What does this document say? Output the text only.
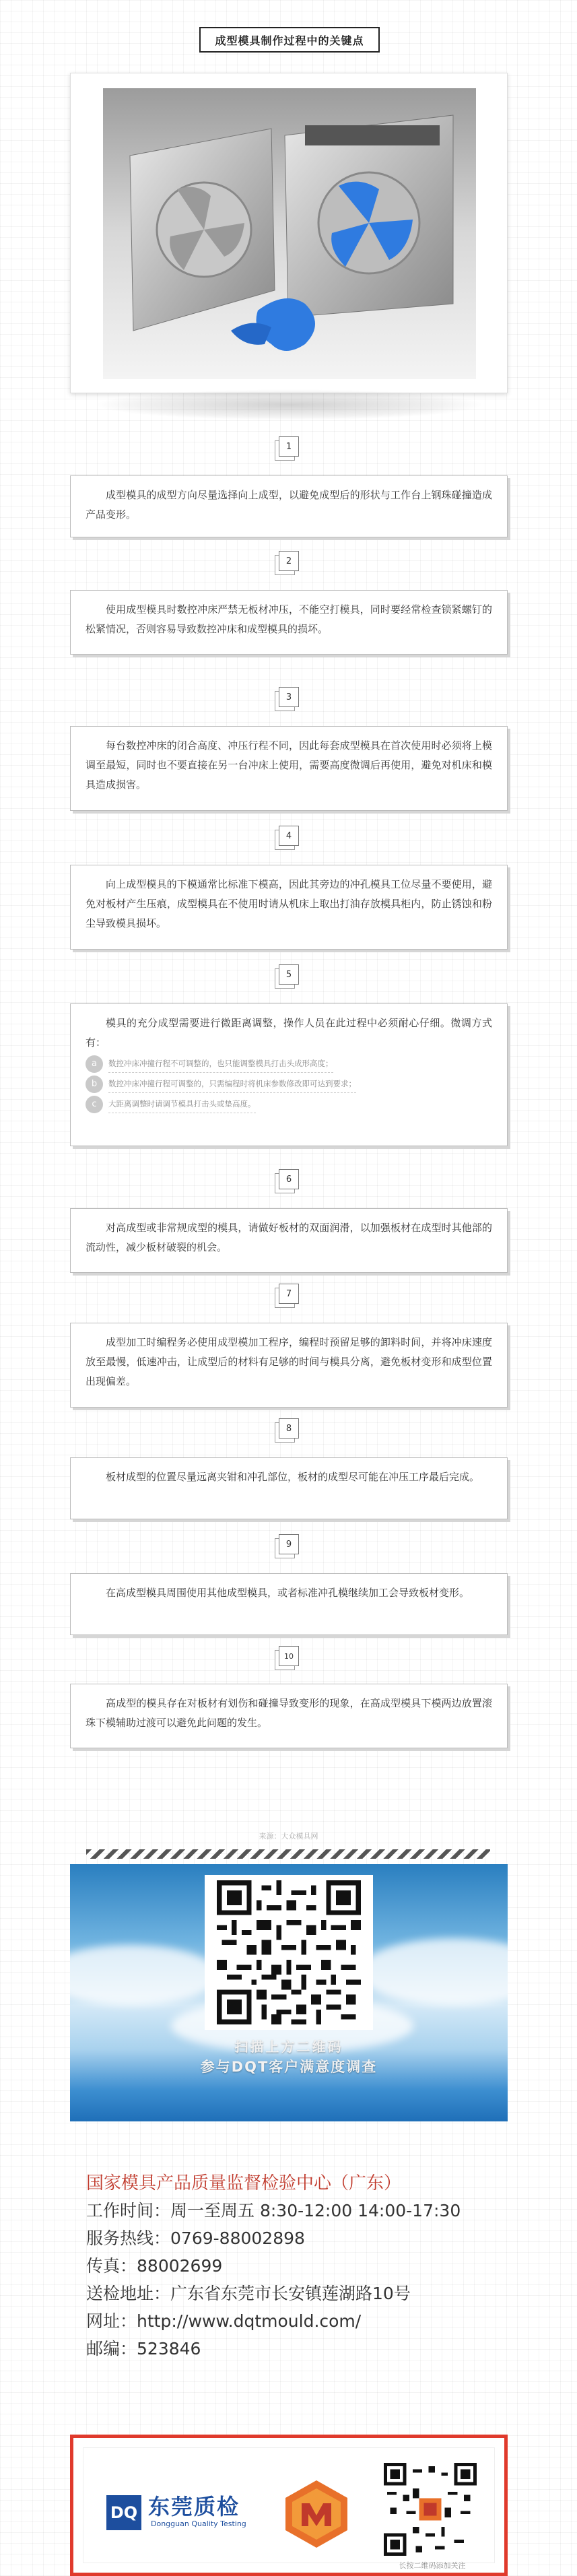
成型模具制作过程中的关键点
1

成型模具的成型方向尽量选择向上成型，以避免成型后的形状与工作台上钢珠碰撞造成产品变形。

2

使用成型模具时数控冲床严禁无板材冲压，不能空打模具，同时要经常检查锁紧螺钉的松紧情况，否则容易导致数控冲床和成型模具的损坏。

3

每台数控冲床的闭合高度、冲压行程不同，因此每套成型模具在首次使用时必须将上模调至最短，同时也不要直接在另一台冲床上使用，需要高度微调后再使用，避免对机床和模具造成损害。

4

向上成型模具的下模通常比标准下模高，因此其旁边的冲孔模具工位尽量不要使用，避免对板材产生压痕，成型模具在不使用时请从机床上取出打油存放模具柜内，防止锈蚀和粉尘导致模具损坏。

5

模具的充分成型需要进行微距离调整，操作人员在此过程中必须耐心仔细。微调方式有：

a	数控冲床冲撞行程不可调整的，也只能调整模具打击头成形高度；
b	数控冲床冲撞行程可调整的，只需编程时将机床参数修改即可达到要求；
c	大距离调整时请调节模具打击头或垫高度。
6

对高成型或非常规成型的模具，请做好板材的双面润滑，以加强板材在成型时其他部的流动性，减少板材破裂的机会。

7

成型加工时编程务必使用成型模加工程序，编程时预留足够的卸料时间，并将冲床速度放至最慢，低速冲击，让成型后的材料有足够的时间与模具分离，避免板材变形和成型位置出现偏差。

8

板材成型的位置尽量远离夹钳和冲孔部位，板材的成型尽可能在冲压工序最后完成。

9

在高成型模具周围使用其他成型模具，或者标准冲孔模继续加工会导致板材变形。

10

高成型的模具存在对板材有划伤和碰撞导致变形的现象，在高成型模具下模两边放置滚珠下模辅助过渡可以避免此问题的发生。

来源：大众模具网
扫描上方二维码
参与DQT客户满意度调查
国家模具产品质量监督检验中心（广东）
工作时间：周一至周五 8:30-12:00 14:00-17:30
服务热线：0769-88002898
传真：88002699
送检地址：广东省东莞市长安镇莲湖路10号
网址：http://www.dqtmould.com/
邮编：523846
DQ 东莞质检
Dongguan Quality Testing
长按二维码添加关注
